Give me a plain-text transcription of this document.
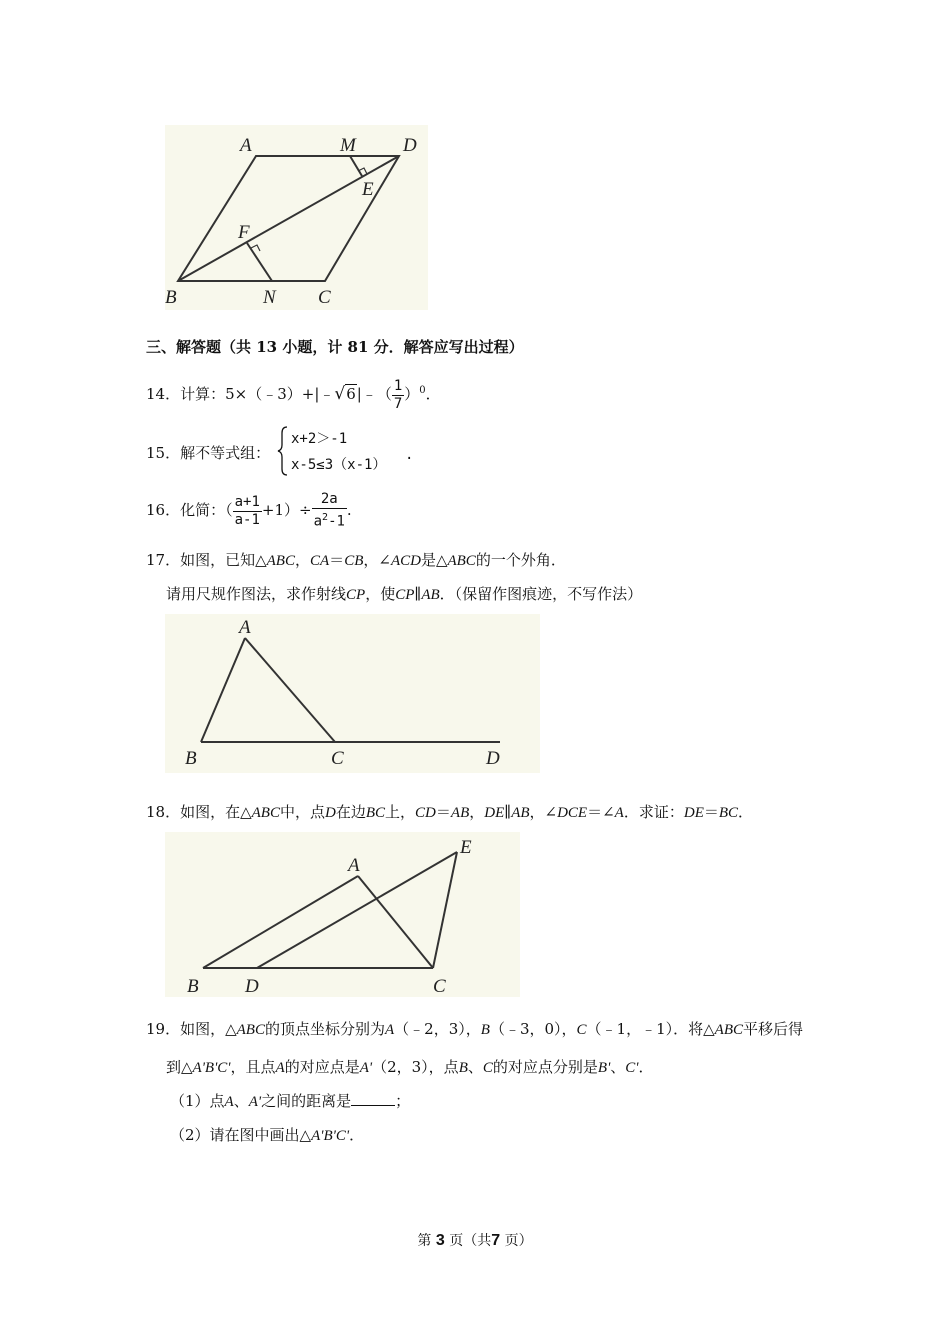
A	M D
E
F
B	N C
三、解答题（共 13 小题，计 81 分．解答应写出过程）
14．计算：5×（﹣3）+|﹣√6|﹣（ $\frac{1}{7} )^0$．
15．解不等式组：
x+2＞-1
x-5≤3（x-1）
.
16．化简：（ $\frac{a+1}{a-1} +1)\div \frac{2a}{a^2-1}$ .
17．如图，已知△ABC，CA＝CB，∠ACD是△ABC的一个外角．
请用尺规作图法，求作射线CP，使CP∥AB．（保留作图痕迹，不写作法）
A
B	C	D
18．如图，在△ABC中，点D在边BC上，CD＝AB，DE∥AB，∠DCE＝∠A．求证：DE＝BC．
A
E
B D	C
19．如图，△ABC的顶点坐标分别为A（﹣2，3），B（﹣3，0），C（﹣1，﹣1）．将△ABC平移后得
到△A'B'C'，且点A的对应点是A'（2，3），点B、C的对应点分别是B'、C'．
（1）点A、A'之间的距离是	；
（2）请在图中画出△A'B'C'．
第 3 页（共7 页）
